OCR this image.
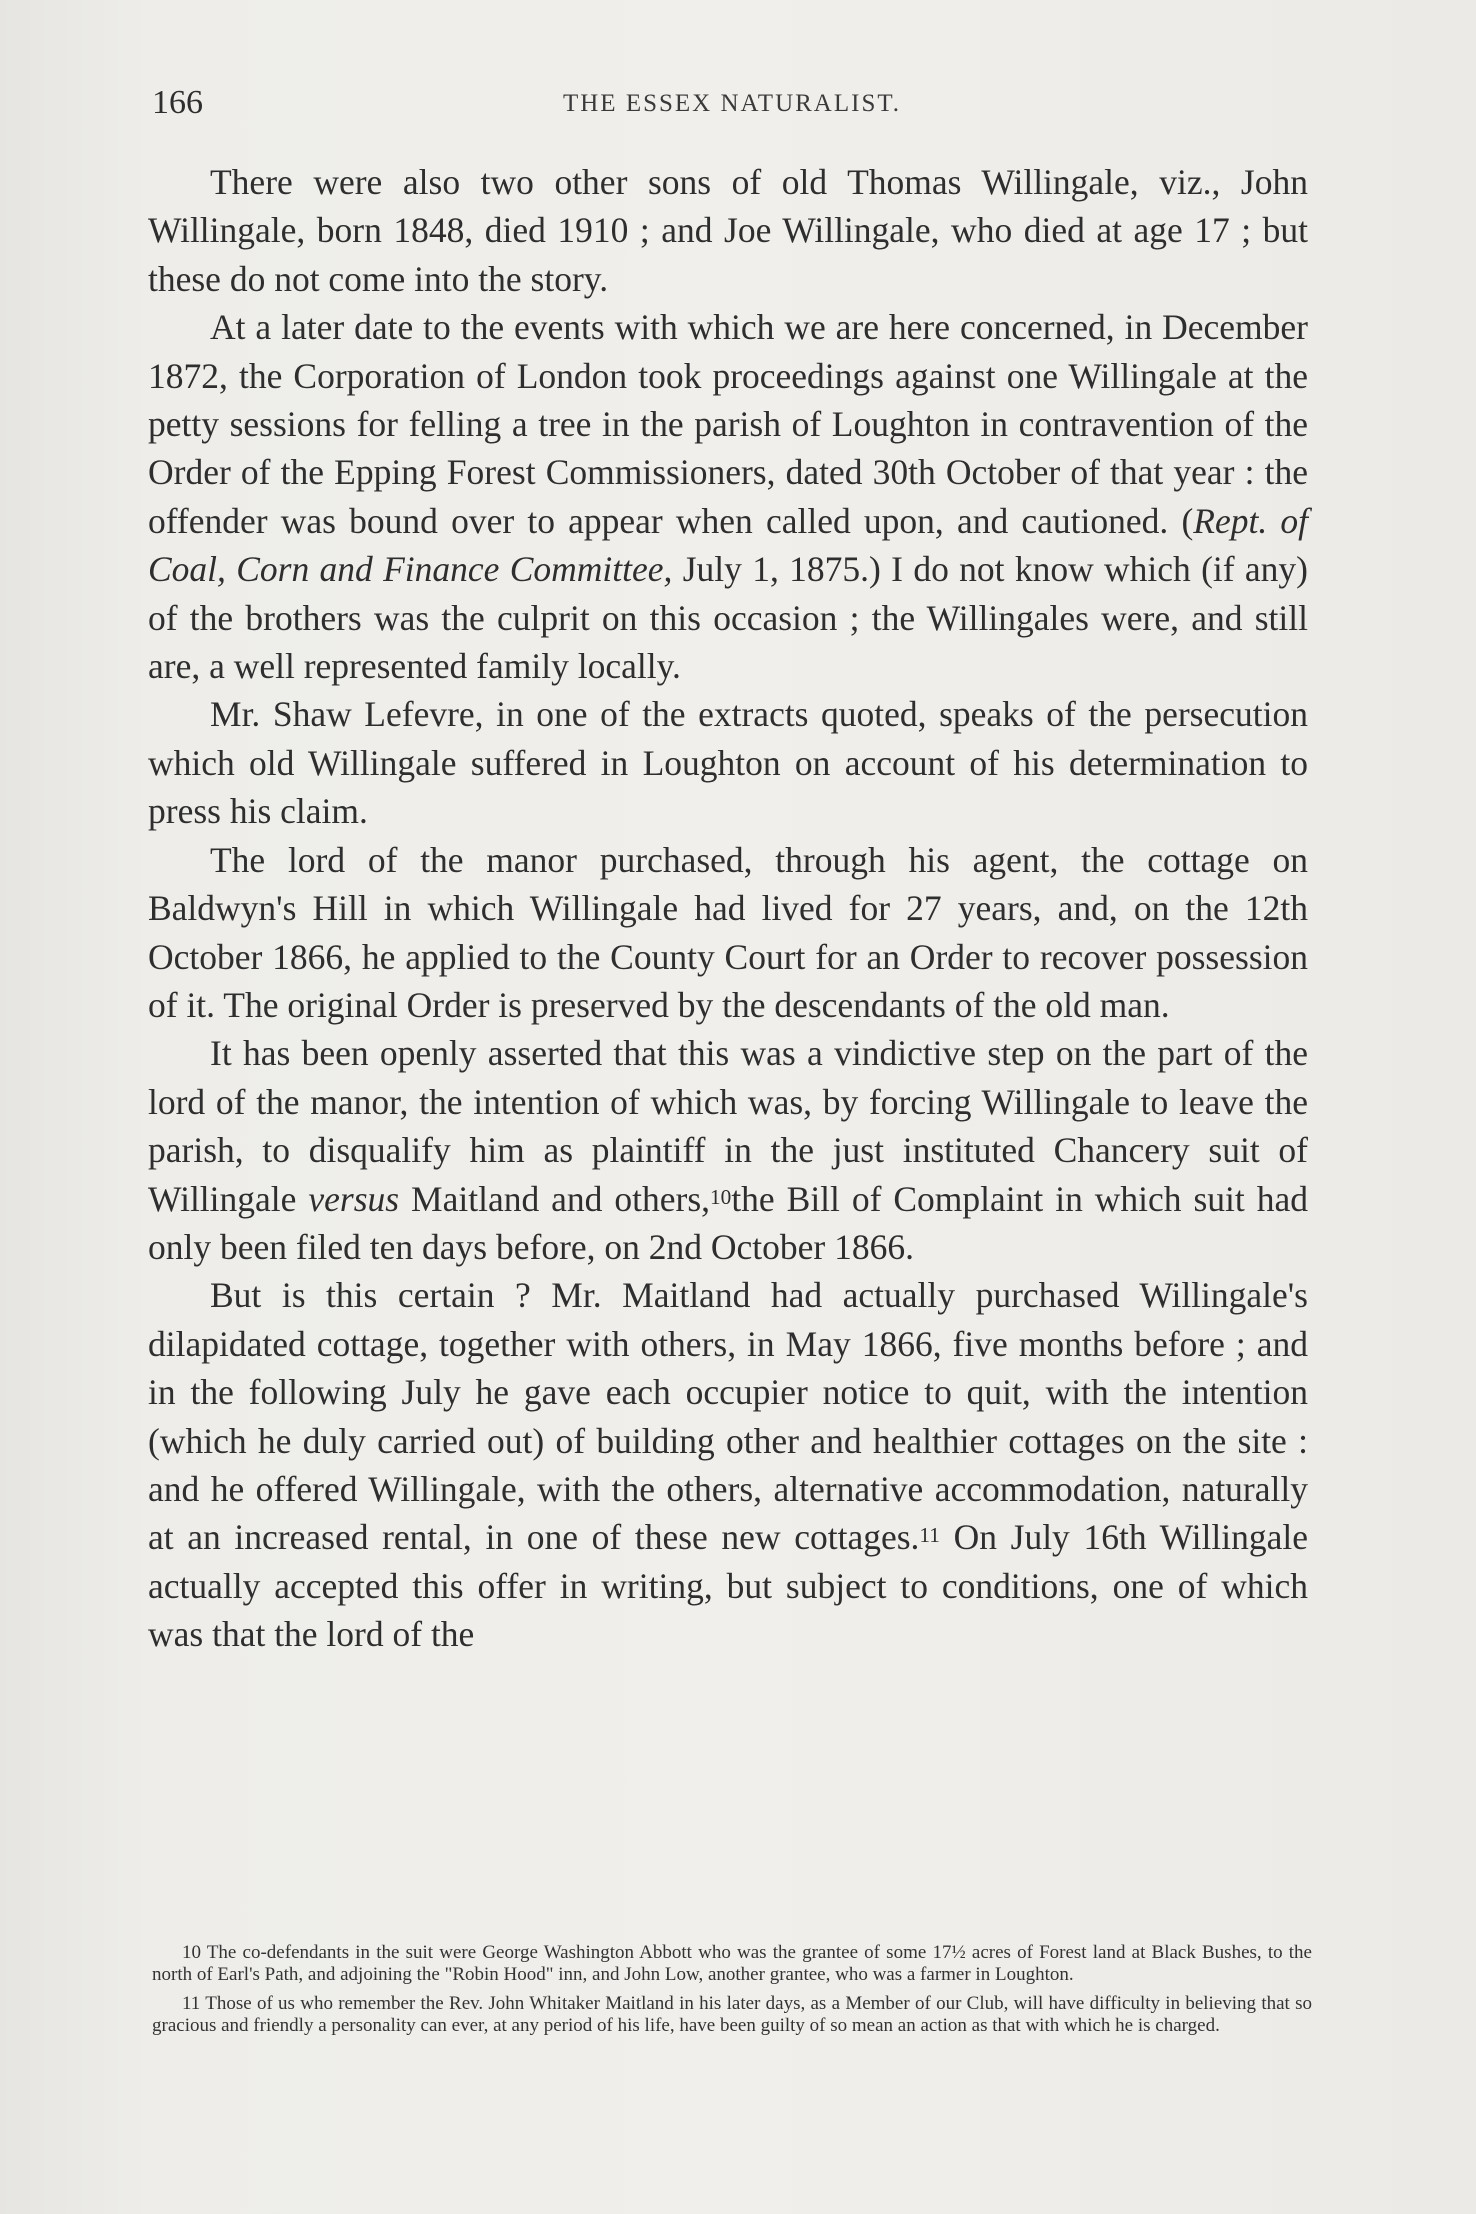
166	THE ESSEX NATURALIST.

There were also two other sons of old Thomas Willingale, viz., John Willingale, born 1848, died 1910 ; and Joe Willingale, who died at age 17 ; but these do not come into the story.

At a later date to the events with which we are here concerned, in December 1872, the Corporation of London took proceedings against one Willingale at the petty sessions for felling a tree in the parish of Loughton in contravention of the Order of the Epping Forest Commissioners, dated 30th October of that year : the offender was bound over to appear when called upon, and cautioned. (Rept. of Coal, Corn and Finance Committee, July 1, 1875.) I do not know which (if any) of the brothers was the culprit on this occasion ; the Willingales were, and still are, a well represented family locally.

Mr. Shaw Lefevre, in one of the extracts quoted, speaks of the persecution which old Willingale suffered in Loughton on account of his determination to press his claim.

The lord of the manor purchased, through his agent, the cottage on Baldwyn's Hill in which Willingale had lived for 27 years, and, on the 12th October 1866, he applied to the County Court for an Order to recover possession of it. The original Order is preserved by the descendants of the old man.

It has been openly asserted that this was a vindictive step on the part of the lord of the manor, the intention of which was, by forcing Willingale to leave the parish, to disqualify him as plaintiff in the just instituted Chancery suit of Willingale versus Maitland and others,$^{10}$the Bill of Complaint in which suit had only been filed ten days before, on 2nd October 1866.

But is this certain ? Mr. Maitland had actually purchased Willingale's dilapidated cottage, together with others, in May 1866, five months before ; and in the following July he gave each occupier notice to quit, with the intention (which he duly carried out) of building other and healthier cottages on the site : and he offered Willingale, with the others, alternative accommodation, naturally at an increased rental, in one of these new cottages.$^{11}$ On July 16th Willingale actually accepted this offer in writing, but subject to conditions, one of which was that the lord of the

10 The co-defendants in the suit were George Washington Abbott who was the grantee of some 17½ acres of Forest land at Black Bushes, to the north of Earl's Path, and adjoining the "Robin Hood" inn, and John Low, another grantee, who was a farmer in Loughton.

11 Those of us who remember the Rev. John Whitaker Maitland in his later days, as a Member of our Club, will have difficulty in believing that so gracious and friendly a personality can ever, at any period of his life, have been guilty of so mean an action as that with which he is charged.
